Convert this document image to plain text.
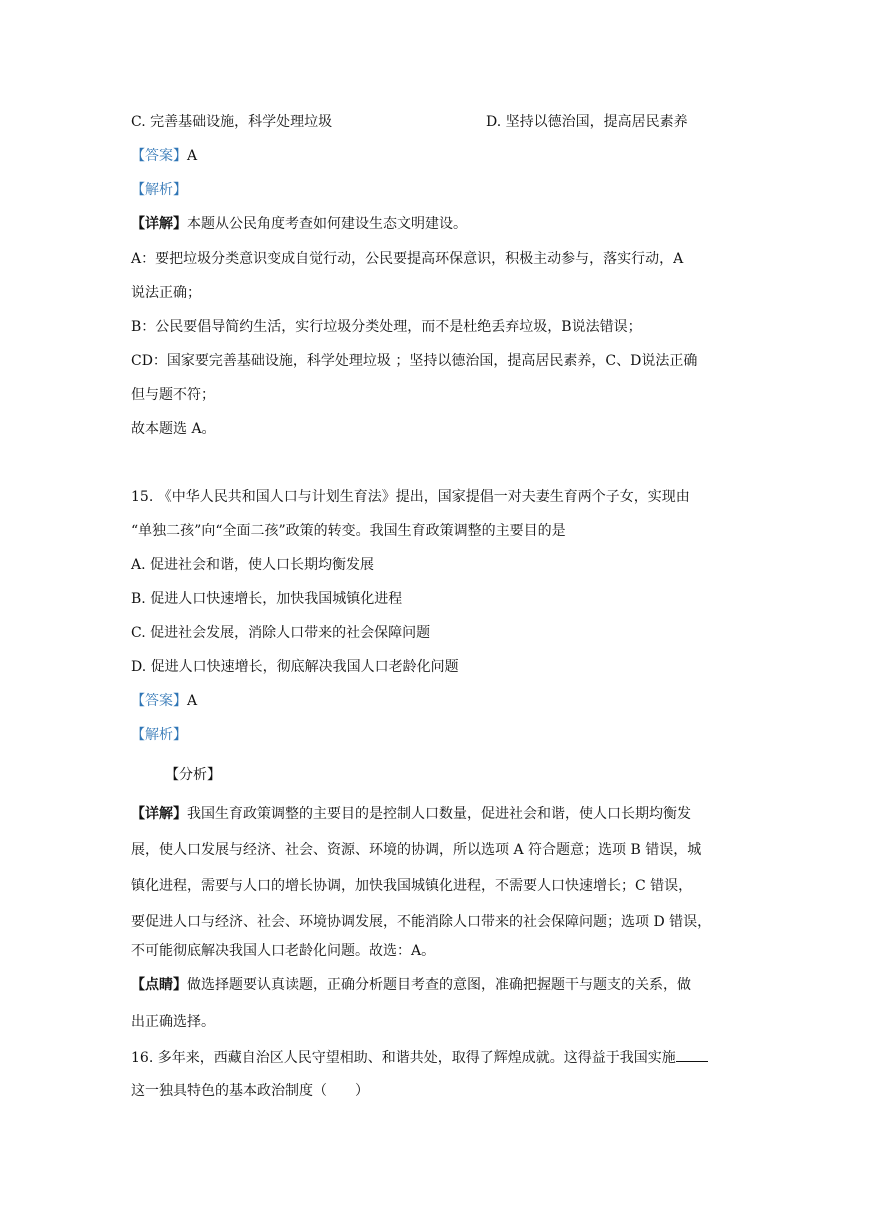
C. 完善基础设施，科学处理垃圾	D. 坚持以德治国，提高居民素养
【答案】A
【解析】
【详解】本题从公民角度考查如何建设生态文明建设。
A：要把垃圾分类意识变成自觉行动，公民要提高环保意识，积极主动参与，落实行动，A
说法正确；
B：公民要倡导简约生活，实行垃圾分类处理，而不是杜绝丢弃垃圾，B说法错误；
CD：国家要完善基础设施，科学处理垃圾 ；坚持以德治国，提高居民素养，C、D说法正确
但与题不符；
故本题选 A。
15. 《中华人民共和国人口与计划生育法》提出，国家提倡一对夫妻生育两个子女，实现由
“单独二孩”向“全面二孩”政策的转变。我国生育政策调整的主要目的是
A. 促进社会和谐，使人口长期均衡发展
B. 促进人口快速增长，加快我国城镇化进程
C. 促进社会发展，消除人口带来的社会保障问题
D. 促进人口快速增长，彻底解决我国人口老龄化问题
【答案】A
【解析】
【分析】
【详解】我国生育政策调整的主要目的是控制人口数量，促进社会和谐，使人口长期均衡发
展，使人口发展与经济、社会、资源、环境的协调，所以选项 A 符合题意；选项 B 错误，城
镇化进程，需要与人口的增长协调，加快我国城镇化进程，不需要人口快速增长；C 错误，
要促进人口与经济、社会、环境协调发展，不能消除人口带来的社会保障问题；选项 D 错误，
不可能彻底解决我国人口老龄化问题。故选：A。
【点睛】做选择题要认真读题，正确分析题目考查的意图，准确把握题干与题支的关系，做
出正确选择。
16. 多年来，西藏自治区人民守望相助、和谐共处，取得了辉煌成就。这得益于我国实施
这一独具特色的基本政治制度（　　）
